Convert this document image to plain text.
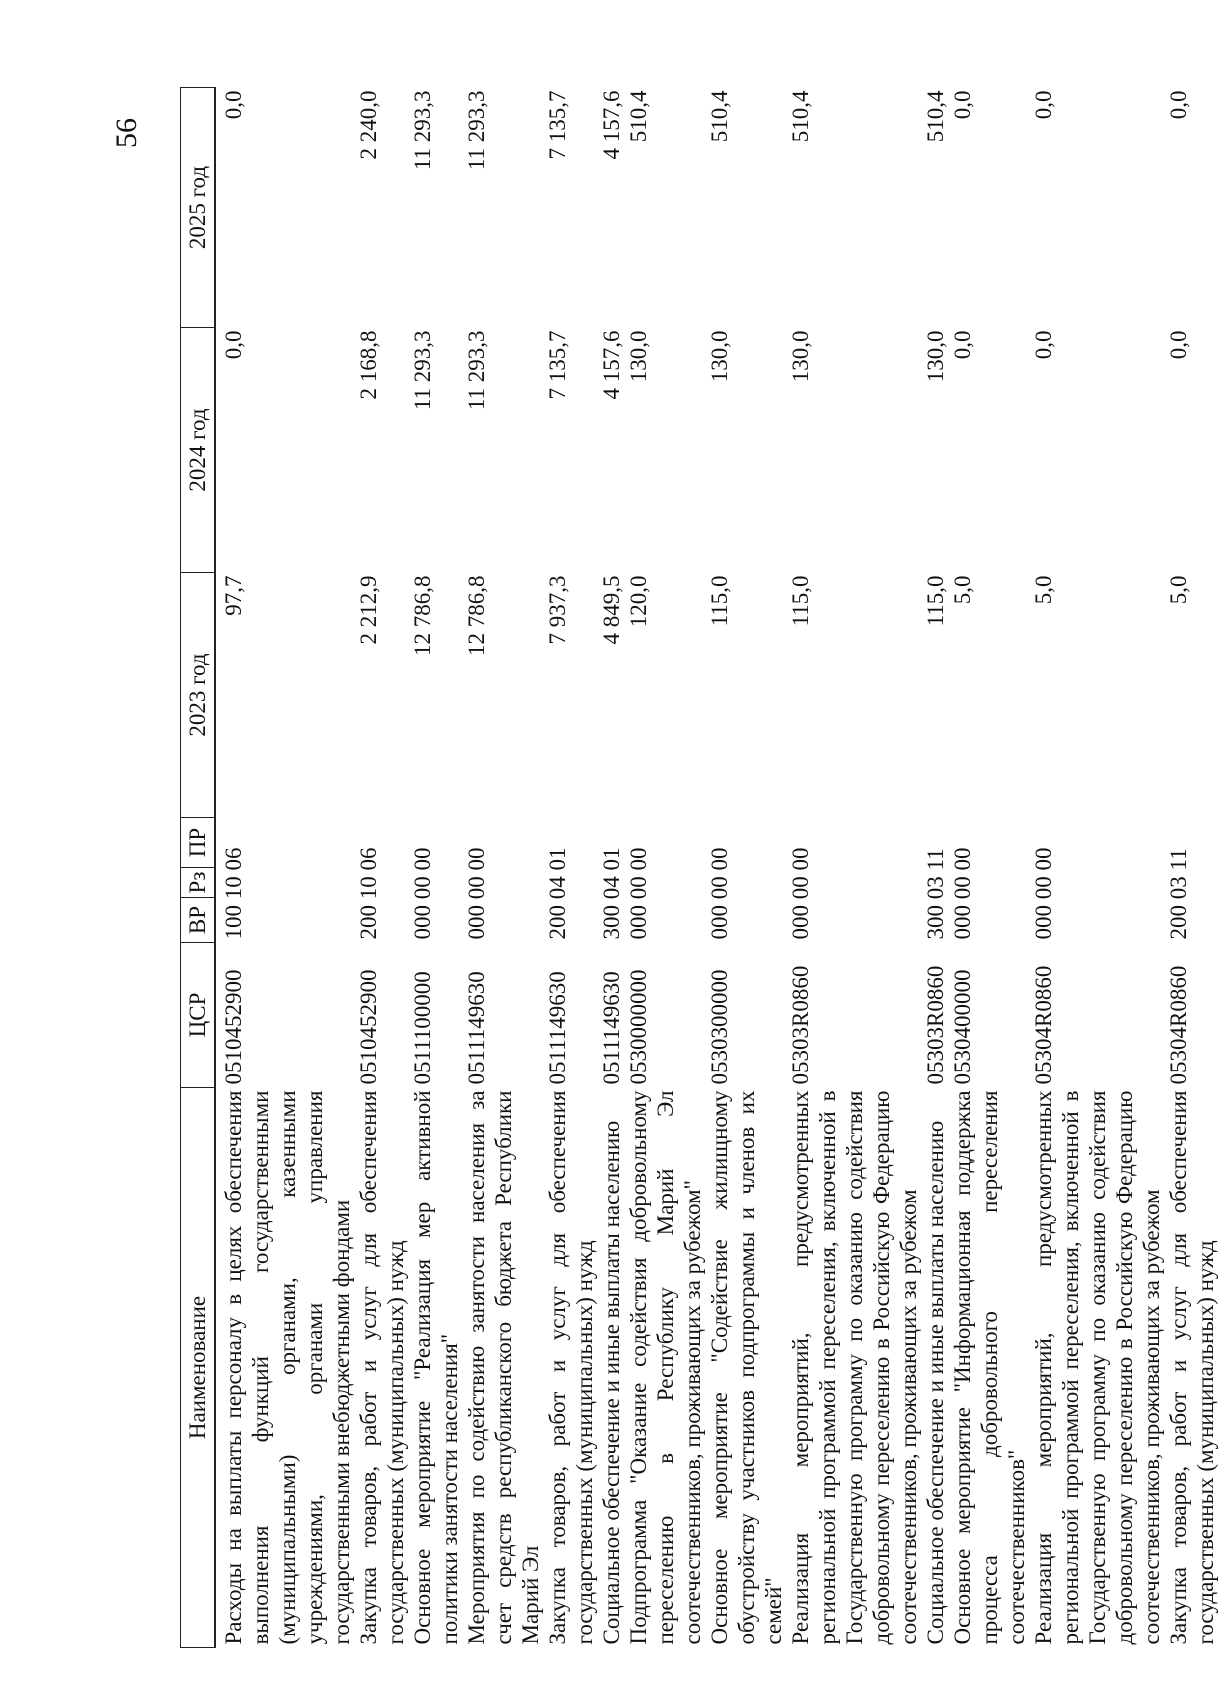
56
Наименование	ЦСР	ВР	Рз	ПР	2023 год	2024 год	2025 год
Расходы на выплаты персоналу в целях обеспечения выполнения функций государственными (муниципальными) органами, казенными учреждениями, органами управления государственными внебюджетными фондами	0510452900	100 10 06			97,7	0,0	0,0
Закупка товаров, работ и услуг для обеспечения государственных (муниципальных) нужд	0510452900	200 10 06			2 212,9	2 168,8	2 240,0
Основное мероприятие "Реализация мер активной политики занятости населения"	0511100000	000 00 00			12 786,8	11 293,3	11 293,3
Мероприятия по содействию занятости населения за счет средств республиканского бюджета Республики Марий Эл	0511149630	000 00 00			12 786,8	11 293,3	11 293,3
Закупка товаров, работ и услуг для обеспечения государственных (муниципальных) нужд	0511149630	200 04 01			7 937,3	7 135,7	7 135,7
Социальное обеспечение и иные выплаты населению	0511149630	300 04 01			4 849,5	4 157,6	4 157,6
Подпрограмма "Оказание содействия добровольному переселению в Республику Марий Эл соотечественников, проживающих за рубежом"	0530000000	000 00 00			120,0	130,0	510,4
Основное мероприятие "Содействие жилищному обустройству участников подпрограммы и членов их семей"	0530300000	000 00 00			115,0	130,0	510,4
Реализация мероприятий, предусмотренных региональной программой переселения, включенной в Государственную программу по оказанию содействия добровольному переселению в Российскую Федерацию соотечественников, проживающих за рубежом	05303R0860	000 00 00			115,0	130,0	510,4
Социальное обеспечение и иные выплаты населению	05303R0860	300 03 11			115,0	130,0	510,4
Основное мероприятие "Информационная поддержка процесса добровольного переселения соотечественников"	0530400000	000 00 00			5,0	0,0	0,0
Реализация мероприятий, предусмотренных региональной программой переселения, включенной в Государственную программу по оказанию содействия добровольному переселению в Российскую Федерацию соотечественников, проживающих за рубежом	05304R0860	000 00 00			5,0	0,0	0,0
Закупка товаров, работ и услуг для обеспечения государственных (муниципальных) нужд	05304R0860	200 03 11			5,0	0,0	0,0
